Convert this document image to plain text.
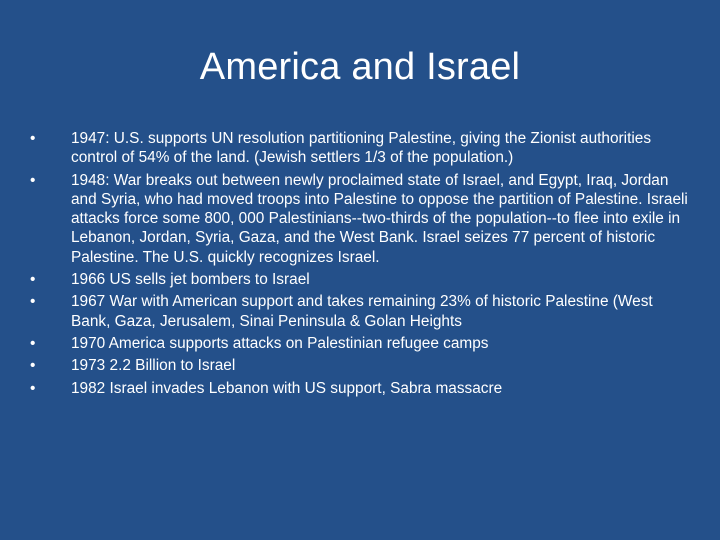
America and Israel
•	1947: U.S. supports UN resolution partitioning Palestine, giving the Zionist authorities control of 54% of the land. (Jewish settlers 1/3 of the population.)
•	1948: War breaks out between newly proclaimed state of Israel, and Egypt, Iraq, Jordan and Syria, who had moved troops into Palestine to oppose the partition of Palestine. Israeli attacks force some 800, 000 Palestinians--two-thirds of the population--to flee into exile in Lebanon, Jordan, Syria, Gaza, and the West Bank. Israel seizes 77 percent of historic Palestine. The U.S. quickly recognizes Israel.
•	1966 US sells jet bombers to Israel
•	1967 War with American support and takes remaining 23% of historic Palestine (West Bank, Gaza, Jerusalem, Sinai Peninsula & Golan Heights
•	1970 America supports attacks on Palestinian refugee camps
•	1973 2.2 Billion to Israel
•	1982 Israel invades Lebanon with US support, Sabra massacre
